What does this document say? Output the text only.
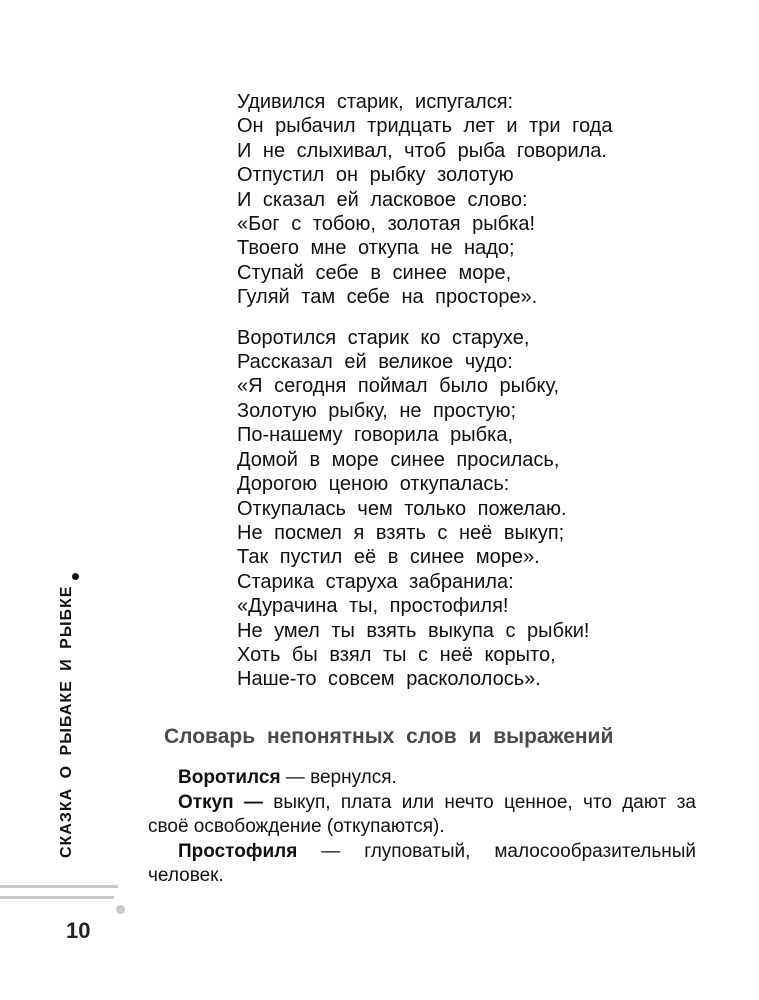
Удивился старик, испугался:
Он рыбачил тридцать лет и три года
И не слыхивал, чтоб рыба говорила.
Отпустил он рыбку золотую
И сказал ей ласковое слово:
«Бог с тобою, золотая рыбка!
Твоего мне откупа не надо;
Ступай себе в синее море,
Гуляй там себе на просторе».
Воротился старик ко старухе,
Рассказал ей великое чудо:
«Я сегодня поймал было рыбку,
Золотую рыбку, не простую;
По-нашему говорила рыбка,
Домой в море синее просилась,
Дорогою ценою откупалась:
Откупалась чем только пожелаю.
Не посмел я взять с неё выкуп;
Так пустил её в синее море».
Старика старуха забранила:
«Дурачина ты, простофиля!
Не умел ты взять выкупа с рыбки!
Хоть бы взял ты с неё корыто,
Наше-то совсем раскололось».
Словарь непонятных слов и выражений

Воротился — вернулся.

Откуп — выкуп, плата или нечто ценное, что дают за своё освобождение (откупаются).

Простофиля — глуповатый, малосообразительный человек.

СКАЗКА О РЫБАКЕ И РЫБКЕ
10
